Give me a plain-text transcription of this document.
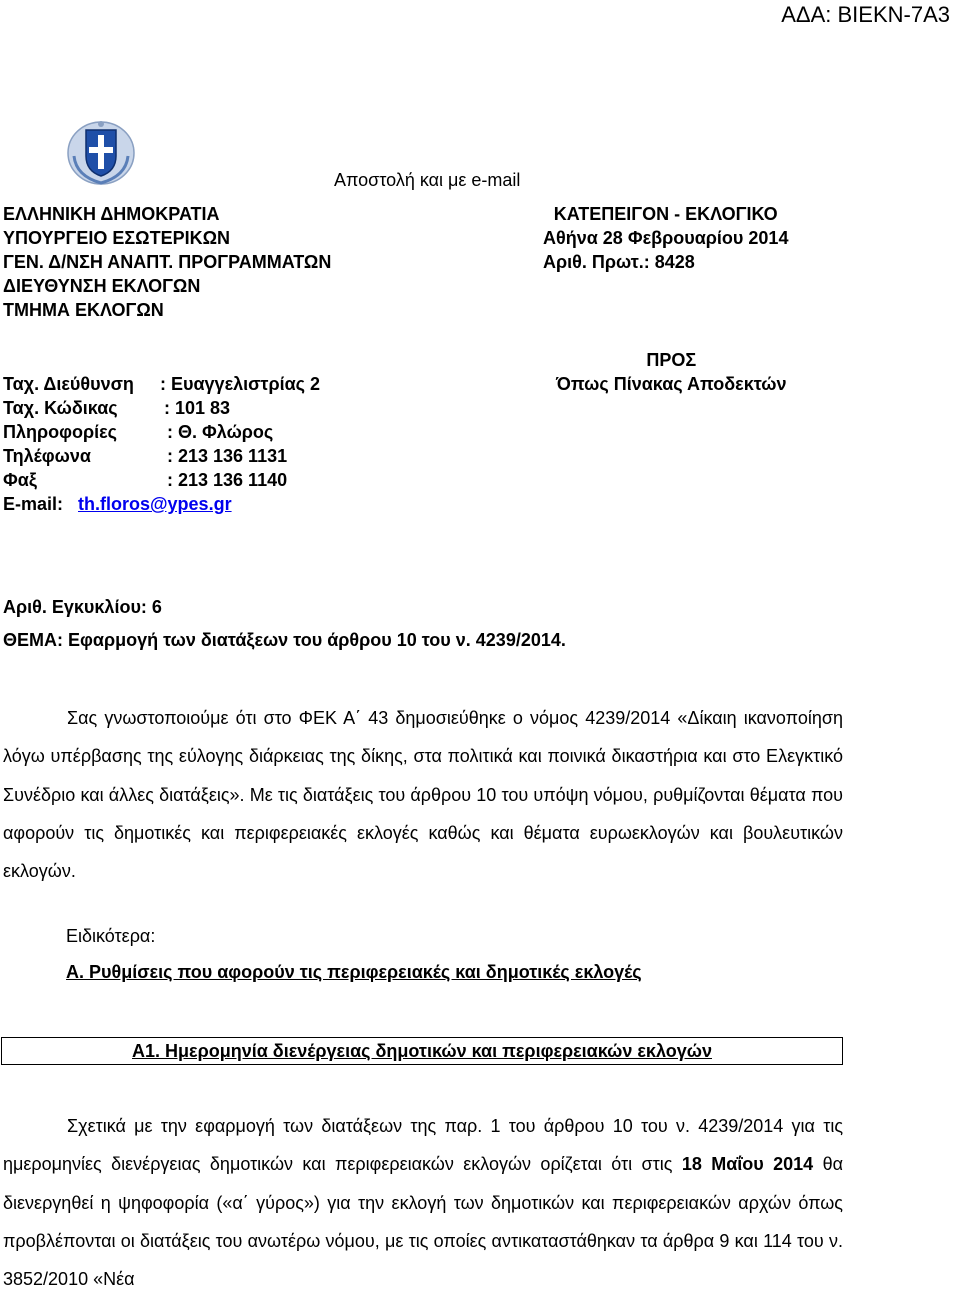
ΑΔΑ: ΒΙΕΚΝ-7Α3
Αποστολή και με e-mail
ΕΛΛΗΝΙΚΗ ΔΗΜΟΚΡΑΤΙΑ
ΥΠΟΥΡΓΕΙΟ ΕΣΩΤΕΡΙΚΩΝ
ΓΕΝ. Δ/ΝΣΗ ΑΝΑΠΤ. ΠΡΟΓΡΑΜΜΑΤΩΝ
ΔΙΕΥΘΥΝΣΗ ΕΚΛΟΓΩΝ
ΤΜΗΜΑ ΕΚΛΟΓΩΝ
ΚΑΤΕΠΕΙΓΟΝ - ΕΚΛΟΓΙΚΟ
Αθήνα 28 Φεβρουαρίου 2014
Αριθ. Πρωτ.: 8428
Ταχ. Διεύθυνση : Ευαγγελιστρίας 2
Ταχ. Κώδικας	: 101 83
Πληροφορίες	: Θ. Φλώρος
Τηλέφωνα	: 213 136 1131
Φαξ	: 213 136 1140
E-mail: th.floros@ypes.gr
ΠΡΟΣ
Όπως Πίνακας Αποδεκτών
Αριθ. Εγκυκλίου: 6
ΘΕΜΑ: Εφαρμογή των διατάξεων του άρθρου 10 του ν. 4239/2014.
Σας γνωστοποιούμε ότι στο ΦΕΚ Α΄ 43 δημοσιεύθηκε ο νόμος 4239/2014 «Δίκαιη ικανοποίηση λόγω υπέρβασης της εύλογης διάρκειας της δίκης, στα πολιτικά και ποινικά δικαστήρια και στο Ελεγκτικό Συνέδριο και άλλες διατάξεις». Με τις διατάξεις του άρθρου 10 του υπόψη νόμου, ρυθμίζονται θέματα που αφορούν τις δημοτικές και περιφερειακές εκλογές καθώς και θέματα ευρωεκλογών και βουλευτικών εκλογών.
Ειδικότερα:
Α. Ρυθμίσεις που αφορούν τις περιφερειακές και δημοτικές εκλογές
Α1. Ημερομηνία διενέργειας δημοτικών και περιφερειακών εκλογών
Σχετικά με την εφαρμογή των διατάξεων της παρ. 1 του άρθρου 10 του ν. 4239/2014 για τις ημερομηνίες διενέργειας δημοτικών και περιφερειακών εκλογών ορίζεται ότι στις 18 Μαΐου 2014 θα διενεργηθεί η ψηφοφορία («α΄ γύρος») για την εκλογή των δημοτικών και περιφερειακών αρχών όπως προβλέπονται οι διατάξεις του ανωτέρω νόμου, με τις οποίες αντικαταστάθηκαν τα άρθρα 9 και 114 του ν. 3852/2010 «Νέα
